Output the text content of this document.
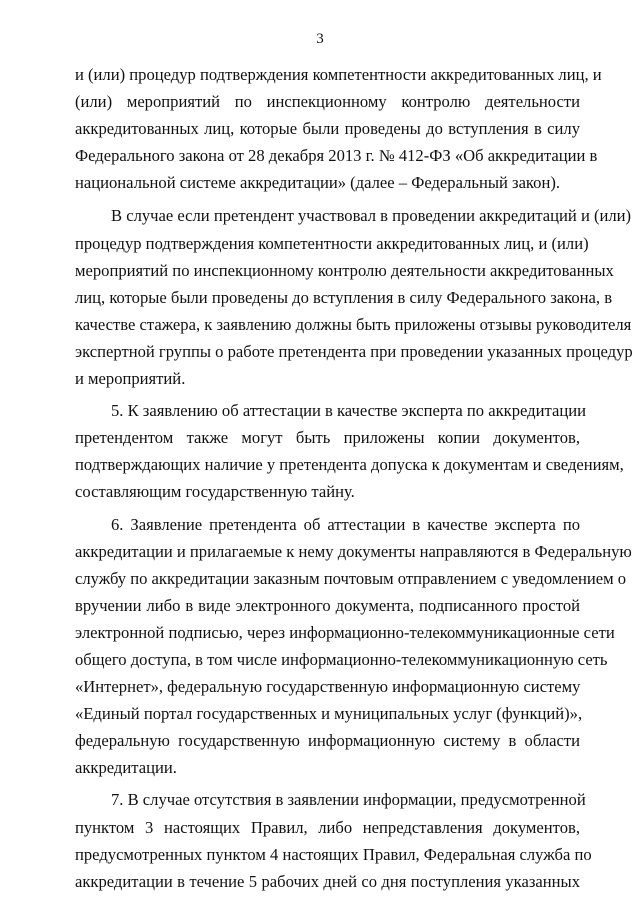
3
и (или) процедур подтверждения компетентности аккредитованных лиц, и
(или) мероприятий по инспекционному контролю деятельности
аккредитованных лиц, которые были проведены до вступления в силу
Федерального закона от 28 декабря 2013 г. № 412-ФЗ «Об аккредитации в
национальной системе аккредитации» (далее – Федеральный закон).
В случае если претендент участвовал в проведении аккредитаций и (или)
процедур подтверждения компетентности аккредитованных лиц, и (или)
мероприятий по инспекционному контролю деятельности аккредитованных
лиц, которые были проведены до вступления в силу Федерального закона, в
качестве стажера, к заявлению должны быть приложены отзывы руководителя
экспертной группы о работе претендента при проведении указанных процедур
и мероприятий.
5. К заявлению об аттестации в качестве эксперта по аккредитации
претендентом также могут быть приложены копии документов,
подтверждающих наличие у претендента допуска к документам и сведениям,
составляющим государственную тайну.
6. Заявление претендента об аттестации в качестве эксперта по
аккредитации и прилагаемые к нему документы направляются в Федеральную
службу по аккредитации заказным почтовым отправлением с уведомлением о
вручении либо в виде электронного документа, подписанного простой
электронной подписью, через информационно-телекоммуникационные сети
общего доступа, в том числе информационно-телекоммуникационную сеть
«Интернет», федеральную государственную информационную систему
«Единый портал государственных и муниципальных услуг (функций)»,
федеральную государственную информационную систему в области
аккредитации.
7. В случае отсутствия в заявлении информации, предусмотренной
пунктом 3 настоящих Правил, либо непредставления документов,
предусмотренных пунктом 4 настоящих Правил, Федеральная служба по
аккредитации в течение 5 рабочих дней со дня поступления указанных
